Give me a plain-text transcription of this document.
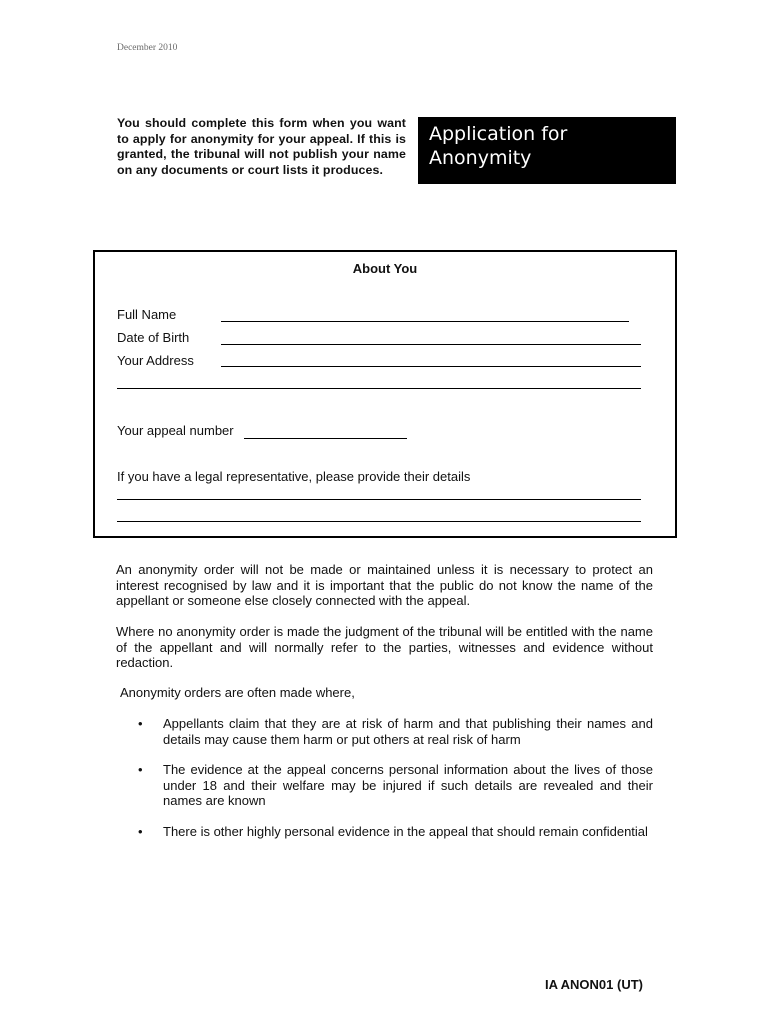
December 2010
You should complete this form when you want to apply for anonymity for your appeal. If this is granted, the tribunal will not publish your name on any documents or court lists it produces.
Application for
Anonymity
About You
Full Name
Date of Birth
Your Address
Your appeal number
If you have a legal representative, please provide their details
An anonymity order will not be made or maintained unless it is necessary to protect an interest recognised by law and it is important that the public do not know the name of the appellant or someone else closely connected with the appeal.
Where no anonymity order is made the judgment of the tribunal will be entitled with the name of the appellant and will normally refer to the parties, witnesses and evidence without redaction.
Anonymity orders are often made where,
• Appellants claim that they are at risk of harm and that publishing their names and details may cause them harm or put others at real risk of harm
• The evidence at the appeal concerns personal information about the lives of those under 18 and their welfare may be injured if such details are revealed and their names are known
• There is other highly personal evidence in the appeal that should remain confidential
IA ANON01 (UT)
